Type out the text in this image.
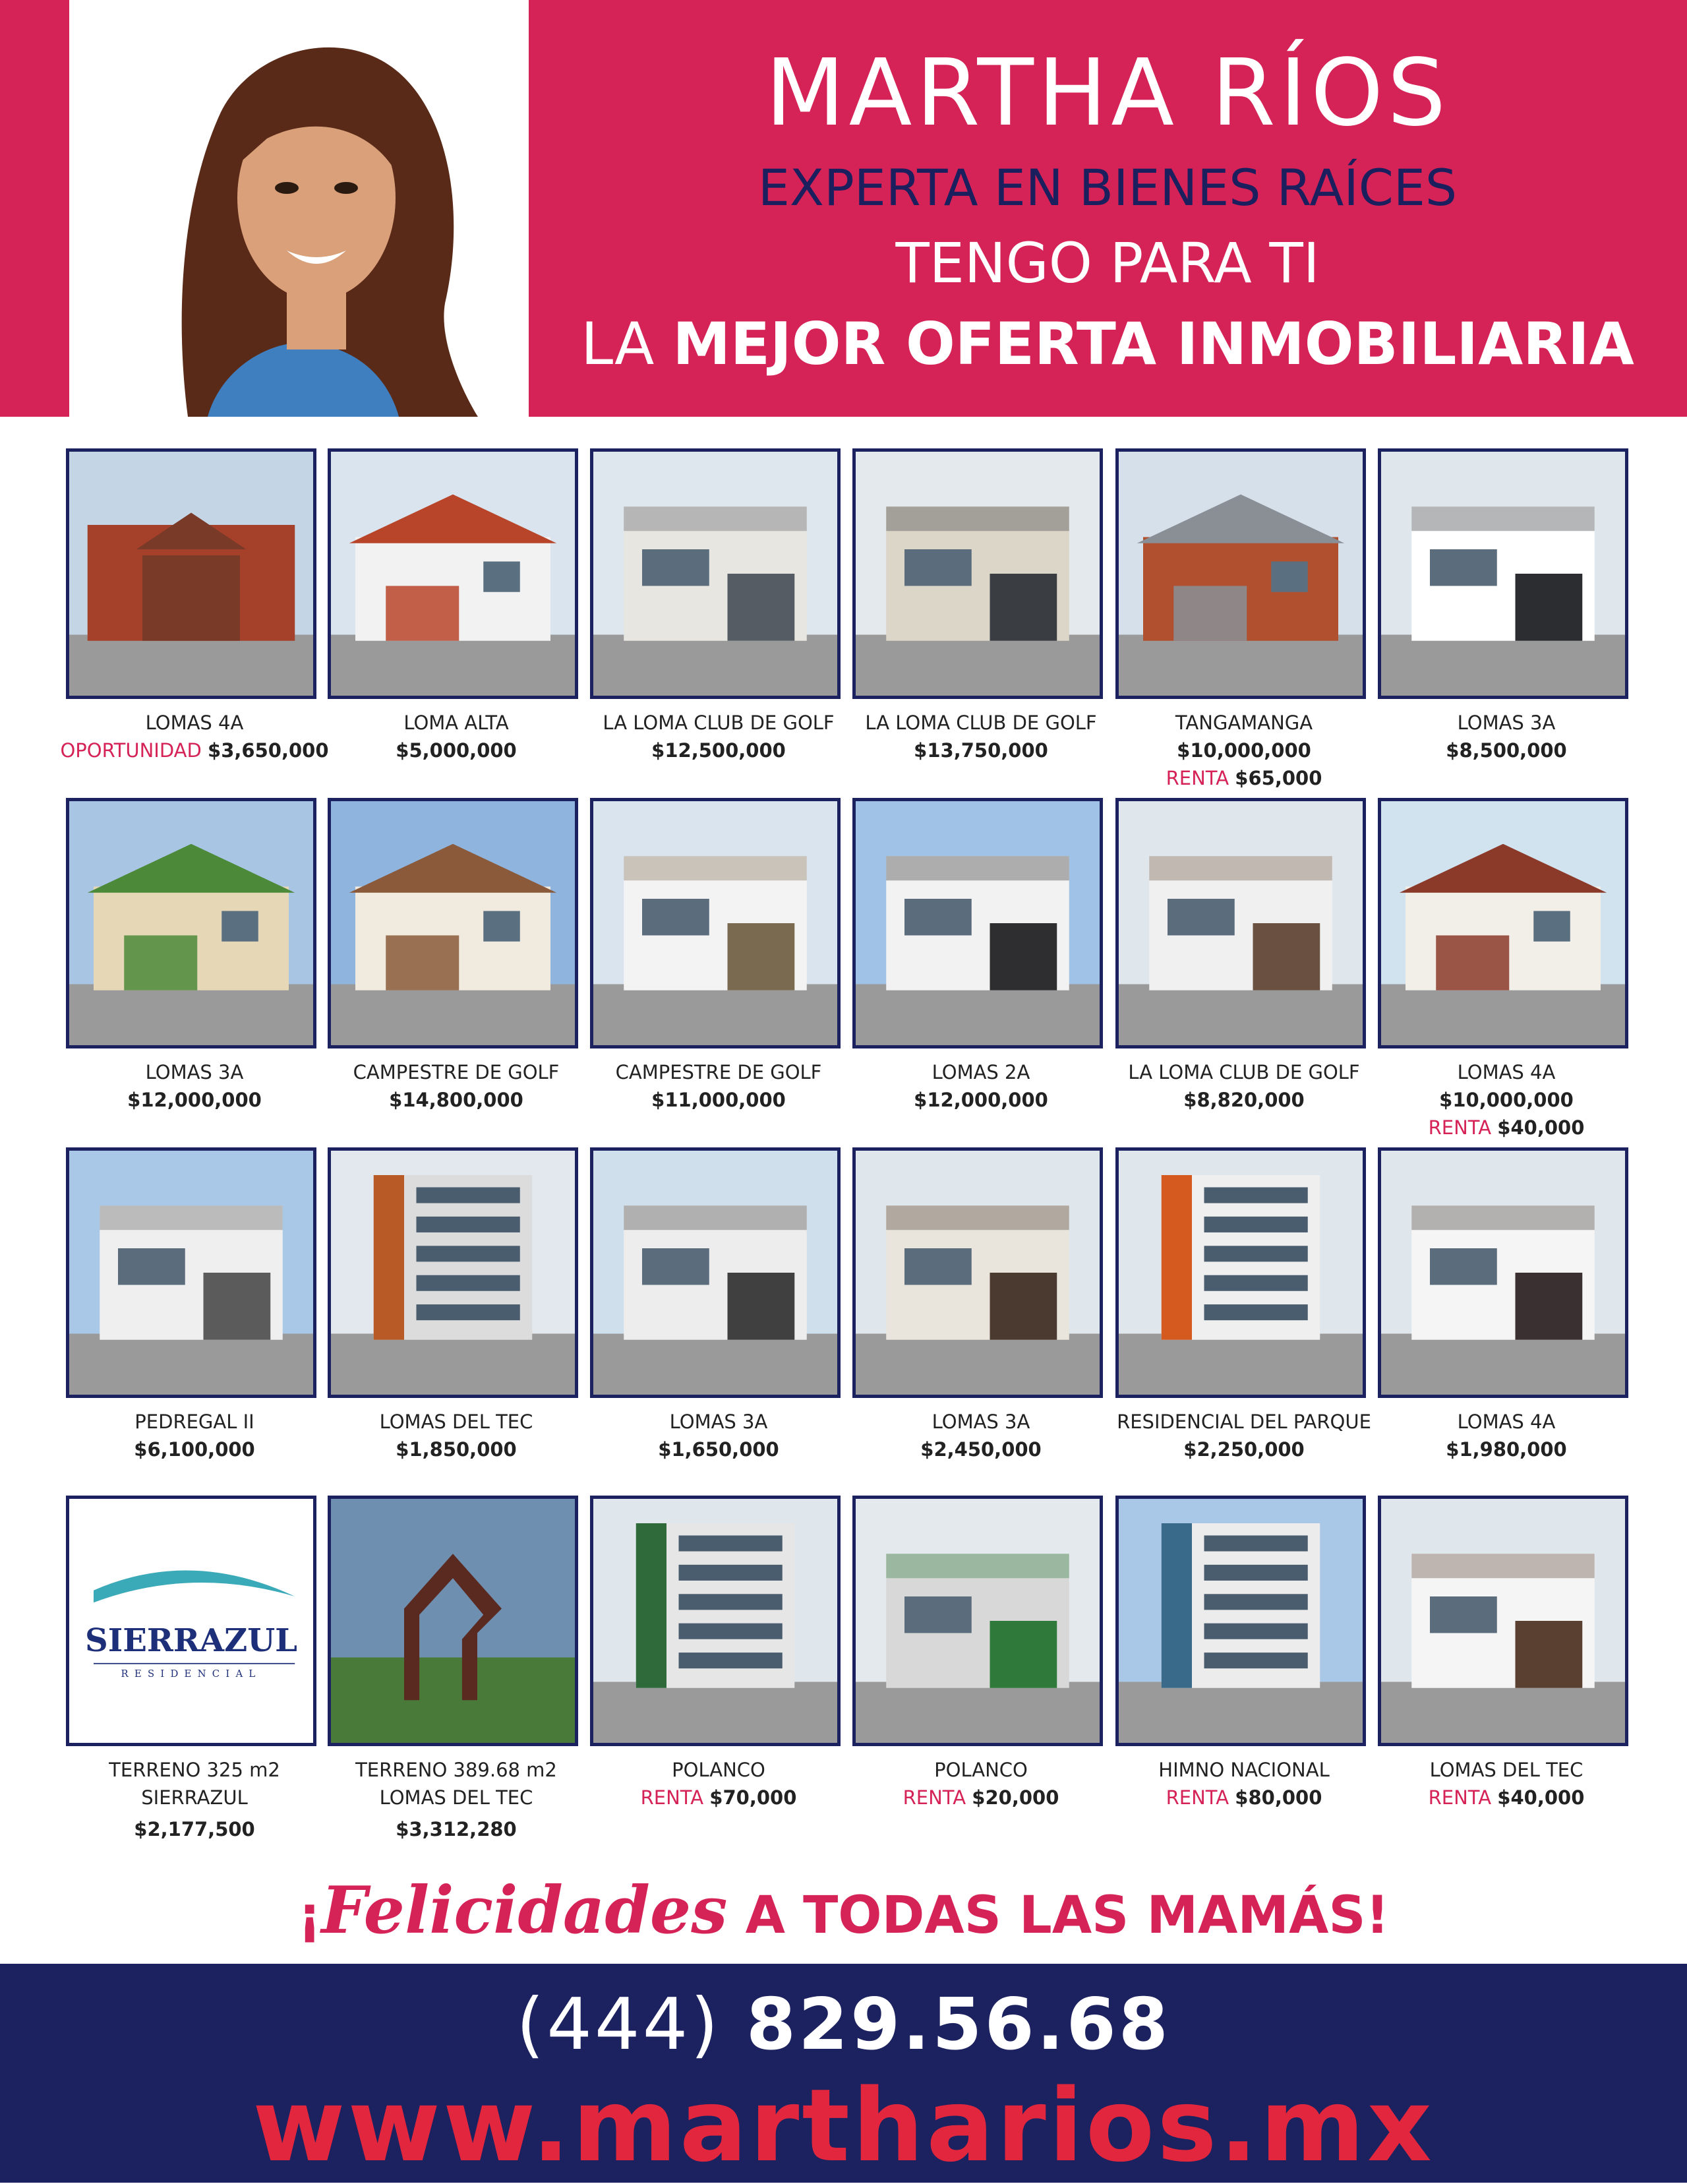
MARTHA RÍOS
EXPERTA EN BIENES RAÍCES
TENGO PARA TI
LA MEJOR OFERTA INMOBILIARIA
LOMAS 4A
OPORTUNIDAD $3,650,000
LOMA ALTA
$5,000,000
LA LOMA CLUB DE GOLF
$12,500,000
LA LOMA CLUB DE GOLF
$13,750,000
TANGAMANGA
$10,000,000
RENTA $65,000
LOMAS 3A
$8,500,000
LOMAS 3A
$12,000,000
CAMPESTRE DE GOLF
$14,800,000
CAMPESTRE DE GOLF
$11,000,000
LOMAS 2A
$12,000,000
LA LOMA CLUB DE GOLF
$8,820,000
LOMAS 4A
$10,000,000
RENTA $40,000
PEDREGAL II
$6,100,000
LOMAS DEL TEC
$1,850,000
LOMAS 3A
$1,650,000
LOMAS 3A
$2,450,000
RESIDENCIAL DEL PARQUE
$2,250,000
LOMAS 4A
$1,980,000
SIERRAZUL
RESIDENCIAL
TERRENO 325 m2
SIERRAZUL
$2,177,500
TERRENO 389.68 m2
LOMAS DEL TEC
$3,312,280
POLANCO
RENTA $70,000
POLANCO
RENTA $20,000
HIMNO NACIONAL
RENTA $80,000
LOMAS DEL TEC
RENTA $40,000
¡Felicidades A TODAS LAS MAMÁS!
(444) 829.56.68
www.martharios.mx
